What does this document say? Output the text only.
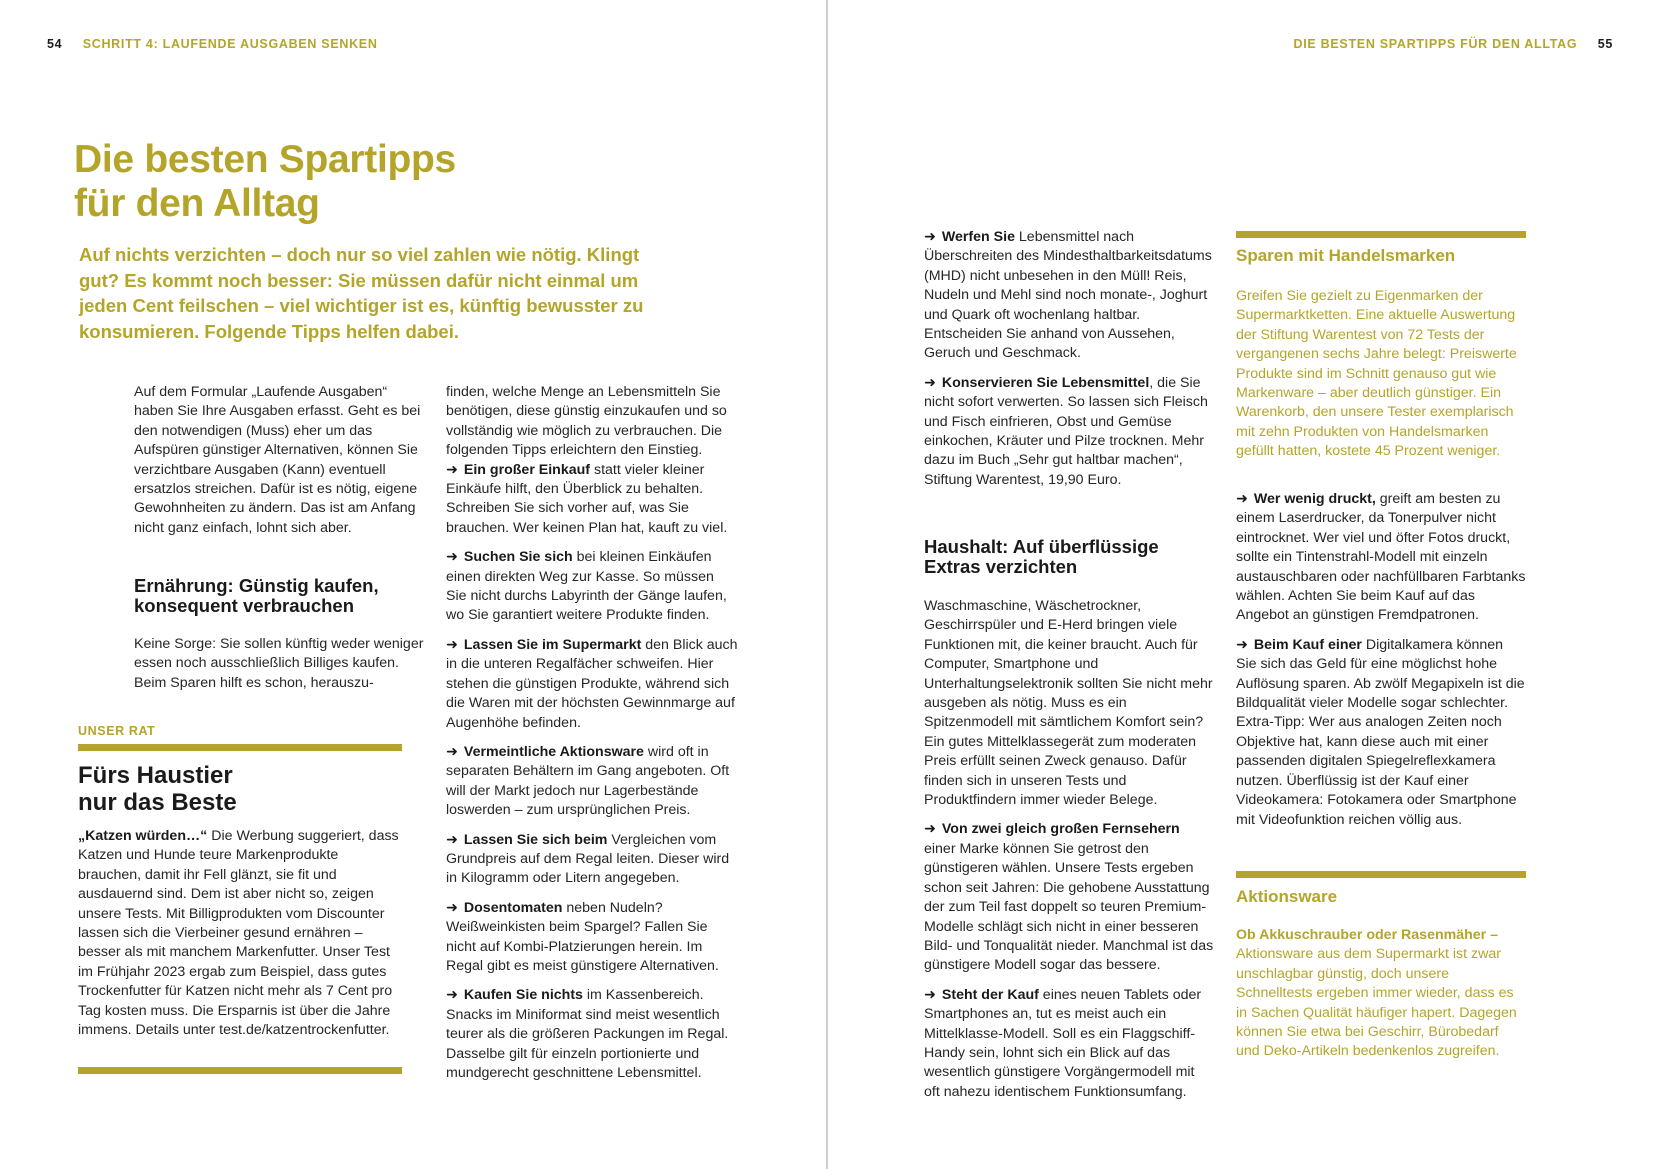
54 SCHRITT 4: LAUFENDE AUSGABEN SENKEN	DIE BESTEN SPARTIPPS FÜR DEN ALLTAG 55
Die besten Spartipps
für den Alltag
Auf nichts verzichten – doch nur so viel zahlen wie nötig. Klingt gut? Es kommt noch besser: Sie müssen dafür nicht einmal um jeden Cent feilschen – viel wichtiger ist es, künftig bewusster zu konsumieren. Folgende Tipps helfen dabei.
Auf dem Formular „Laufende Ausgaben“ haben Sie Ihre Ausgaben erfasst. Geht es bei den notwendigen (Muss) eher um das Aufspüren günstiger Alternativen, können Sie verzichtbare Ausgaben (Kann) eventuell ersatzlos streichen. Dafür ist es nötig, eigene Gewohnheiten zu ändern. Das ist am Anfang nicht ganz einfach, lohnt sich aber.
Ernährung: Günstig kaufen, konsequent verbrauchen
Keine Sorge: Sie sollen künftig weder weniger essen noch ausschließlich Billiges kaufen. Beim Sparen hilft es schon, herauszu-
UNSER RAT
Fürs Haustier
nur das Beste
„Katzen würden…“ Die Werbung suggeriert, dass Katzen und Hunde teure Markenprodukte brauchen, damit ihr Fell glänzt, sie fit und ausdauernd sind. Dem ist aber nicht so, zeigen unsere Tests. Mit Billigprodukten vom Discounter lassen sich die Vierbeiner gesund ernähren – besser als mit manchem Markenfutter. Unser Test im Frühjahr 2023 ergab zum Beispiel, dass gutes Trockenfutter für Katzen nicht mehr als 7 Cent pro Tag kosten muss. Die Ersparnis ist über die Jahre immens. Details unter test.de/katzentrockenfutter.

finden, welche Menge an Lebensmitteln Sie benötigen, diese günstig einzukaufen und so vollständig wie möglich zu verbrauchen. Die folgenden Tipps erleichtern den Einstieg.

➜ Ein großer Einkauf statt vieler kleiner Einkäufe hilft, den Überblick zu behalten. Schreiben Sie sich vorher auf, was Sie brauchen. Wer keinen Plan hat, kauft zu viel.

➜ Suchen Sie sich bei kleinen Einkäufen einen direkten Weg zur Kasse. So müssen Sie nicht durchs Labyrinth der Gänge laufen, wo Sie garantiert weitere Produkte finden.

➜ Lassen Sie im Supermarkt den Blick auch in die unteren Regalfächer schweifen. Hier stehen die günstigen Produkte, während sich die Waren mit der höchsten Gewinnmarge auf Augenhöhe befinden.

➜ Vermeintliche Aktionsware wird oft in separaten Behältern im Gang angeboten. Oft will der Markt jedoch nur Lagerbestände loswerden – zum ursprünglichen Preis.

➜ Lassen Sie sich beim Vergleichen vom Grundpreis auf dem Regal leiten. Dieser wird in Kilogramm oder Litern angegeben.

➜ Dosentomaten neben Nudeln? Weißweinkisten beim Spargel? Fallen Sie nicht auf Kombi-Platzierungen herein. Im Regal gibt es meist günstigere Alternativen.

➜ Kaufen Sie nichts im Kassenbereich. Snacks im Miniformat sind meist wesentlich teurer als die größeren Packungen im Regal. Dasselbe gilt für einzeln portionierte und mundgerecht geschnittene Lebensmittel.

➜ Werfen Sie Lebensmittel nach Überschreiten des Mindesthaltbarkeitsdatums (MHD) nicht unbesehen in den Müll! Reis, Nudeln und Mehl sind noch monate-, Joghurt und Quark oft wochenlang haltbar. Entscheiden Sie anhand von Aussehen, Geruch und Geschmack.

➜ Konservieren Sie Lebensmittel, die Sie nicht sofort verwerten. So lassen sich Fleisch und Fisch einfrieren, Obst und Gemüse einkochen, Kräuter und Pilze trocknen. Mehr dazu im Buch „Sehr gut haltbar machen“, Stiftung Warentest, 19,90 Euro.

Haushalt: Auf überflüssige Extras verzichten

Waschmaschine, Wäschetrockner, Geschirrspüler und E-Herd bringen viele Funktionen mit, die keiner braucht. Auch für Computer, Smartphone und Unterhaltungselektronik sollten Sie nicht mehr ausgeben als nötig. Muss es ein Spitzenmodell mit sämtlichem Komfort sein? Ein gutes Mittelklassegerät zum moderaten Preis erfüllt seinen Zweck genauso. Dafür finden sich in unseren Tests und Produktfindern immer wieder Belege.

➜ Von zwei gleich großen Fernsehern einer Marke können Sie getrost den günstigeren wählen. Unsere Tests ergeben schon seit Jahren: Die gehobene Ausstattung der zum Teil fast doppelt so teuren Premium-Modelle schlägt sich nicht in einer besseren Bild- und Tonqualität nieder. Manchmal ist das günstigere Modell sogar das bessere.

➜ Steht der Kauf eines neuen Tablets oder Smartphones an, tut es meist auch ein Mittelklasse-Modell. Soll es ein Flaggschiff-Handy sein, lohnt sich ein Blick auf das wesentlich günstigere Vorgängermodell mit oft nahezu identischem Funktionsumfang.

Sparen mit Handelsmarken
Greifen Sie gezielt zu Eigenmarken der Supermarktketten. Eine aktuelle Auswertung der Stiftung Warentest von 72 Tests der vergangenen sechs Jahre belegt: Preiswerte Produkte sind im Schnitt genauso gut wie Markenware – aber deutlich günstiger. Ein Warenkorb, den unsere Tester exemplarisch mit zehn Produkten von Handelsmarken gefüllt hatten, kostete 45 Prozent weniger.

➜ Wer wenig druckt, greift am besten zu einem Laserdrucker, da Tonerpulver nicht eintrocknet. Wer viel und öfter Fotos druckt, sollte ein Tintenstrahl-Modell mit einzeln austauschbaren oder nachfüllbaren Farbtanks wählen. Achten Sie beim Kauf auf das Angebot an günstigen Fremdpatronen.

➜ Beim Kauf einer Digitalkamera können Sie sich das Geld für eine möglichst hohe Auflösung sparen. Ab zwölf Megapixeln ist die Bildqualität vieler Modelle sogar schlechter. Extra-Tipp: Wer aus analogen Zeiten noch Objektive hat, kann diese auch mit einer passenden digitalen Spiegelreflexkamera nutzen. Überflüssig ist der Kauf einer Videokamera: Fotokamera oder Smartphone mit Videofunktion reichen völlig aus.

Aktionsware
Ob Akkuschrauber oder Rasenmäher – Aktionsware aus dem Supermarkt ist zwar unschlagbar günstig, doch unsere Schnelltests ergeben immer wieder, dass es in Sachen Qualität häufiger hapert. Dagegen können Sie etwa bei Geschirr, Bürobedarf und Deko-Artikeln bedenkenlos zugreifen.
